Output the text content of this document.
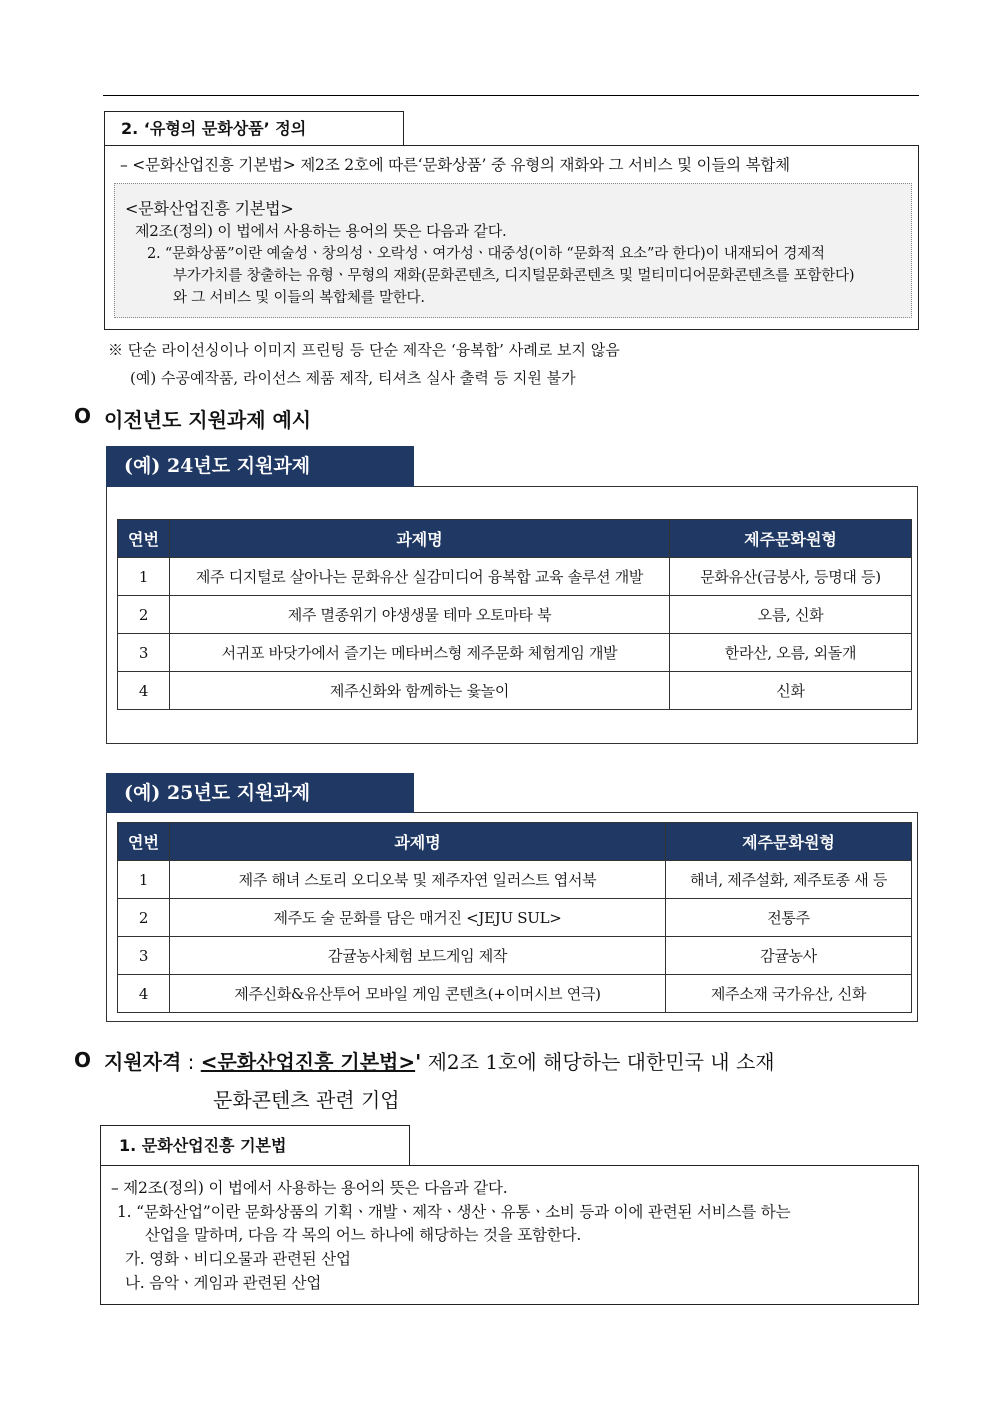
2. ‘유형의 문화상품’ 정의
– <문화산업진흥 기본법> 제2조 2호에 따른‘문화상품’ 중 유형의 재화와 그 서비스 및 이들의 복합체
<문화산업진흥 기본법>
제2조(정의) 이 법에서 사용하는 용어의 뜻은 다음과 같다.
2. “문화상품”이란 예술성ㆍ창의성ㆍ오락성ㆍ여가성ㆍ대중성(이하 “문화적 요소”라 한다)이 내재되어 경제적
부가가치를 창출하는 유형ㆍ무형의 재화(문화콘텐츠, 디지털문화콘텐츠 및 멀티미디어문화콘텐츠를 포함한다)
와 그 서비스 및 이들의 복합체를 말한다.
※ 단순 라이선싱이나 이미지 프린팅 등 단순 제작은 ‘융복합’ 사례로 보지 않음
(예) 수공예작품, 라이선스 제품 제작, 티셔츠 실사 출력 등 지원 불가
O 이전년도 지원과제 예시
(예) 24년도 지원과제
연번	과제명	제주문화원형
1	제주 디지털로 살아나는 문화유산 실감미디어 융복합 교육 솔루션 개발	문화유산(금붕사, 등명대 등)
2	제주 멸종위기 야생생물 테마 오토마타 북	오름, 신화
3	서귀포 바닷가에서 즐기는 메타버스형 제주문화 체험게임 개발	한라산, 오름, 외돌개
4	제주신화와 함께하는 윷놀이	신화
(예) 25년도 지원과제
연번	과제명	제주문화원형
1	제주 해녀 스토리 오디오북 및 제주자연 일러스트 엽서북	해녀, 제주설화, 제주토종 새 등
2	제주도 술 문화를 담은 매거진 <JEJU SUL>	전통주
3	감귤농사체험 보드게임 제작	감귤농사
4	제주신화&유산투어 모바일 게임 콘텐츠(+이머시브 연극)	제주소재 국가유산, 신화
O 지원자격 : <문화산업진흥 기본법>' 제2조 1호에 해당하는 대한민국 내 소재
문화콘텐츠 관련 기업
1. 문화산업진흥 기본법
– 제2조(정의) 이 법에서 사용하는 용어의 뜻은 다음과 같다.
1. “문화산업”이란 문화상품의 기획ㆍ개발ㆍ제작ㆍ생산ㆍ유통ㆍ소비 등과 이에 관련된 서비스를 하는
산업을 말하며, 다음 각 목의 어느 하나에 해당하는 것을 포함한다.
가. 영화ㆍ비디오물과 관련된 산업
나. 음악ㆍ게임과 관련된 산업
